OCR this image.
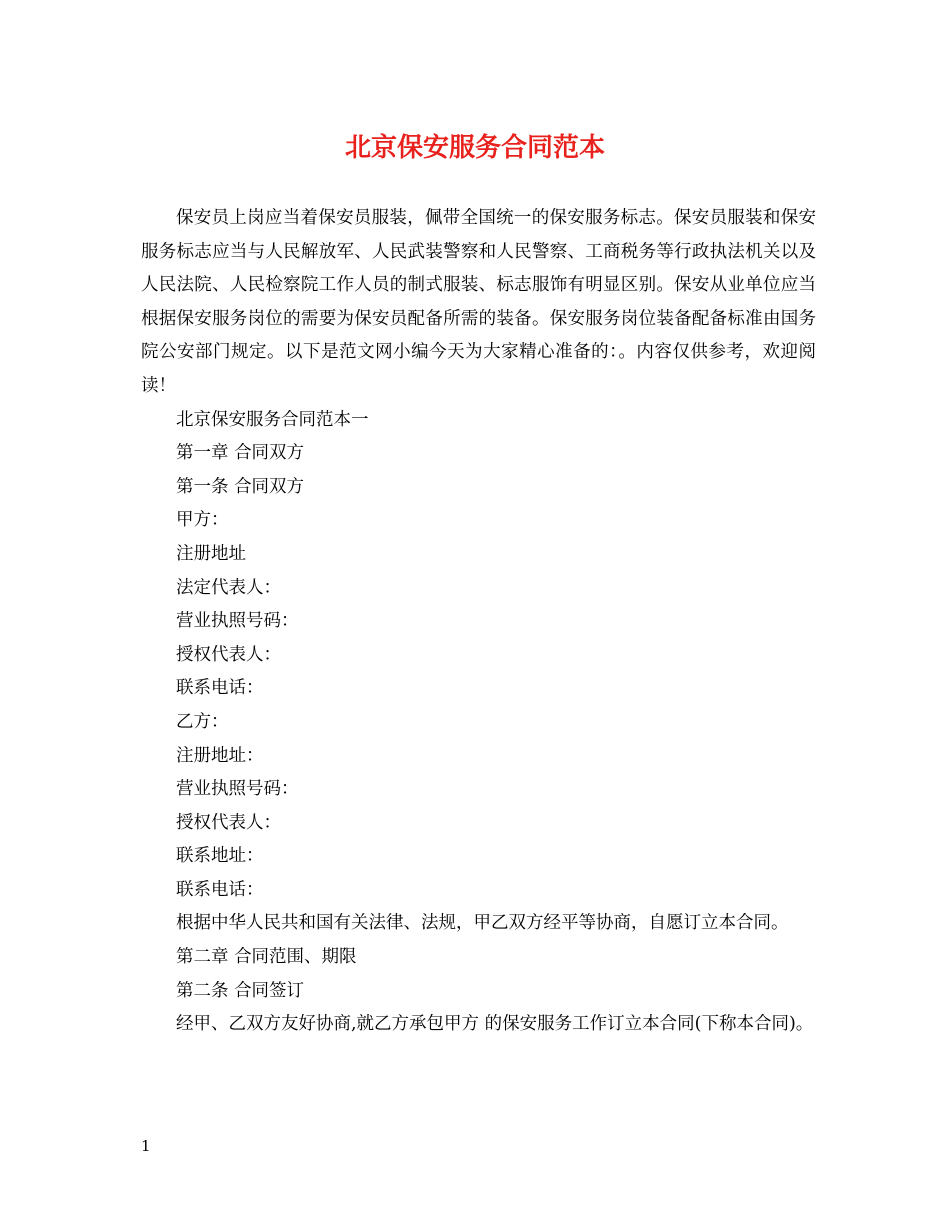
北京保安服务合同范本

保安员上岗应当着保安员服装，佩带全国统一的保安服务标志。保安员服装和保安服务标志应当与人民解放军、人民武装警察和人民警察、工商税务等行政执法机关以及人民法院、人民检察院工作人员的制式服装、标志服饰有明显区别。保安从业单位应当根据保安服务岗位的需要为保安员配备所需的装备。保安服务岗位装备配备标准由国务院公安部门规定。以下是范文网小编今天为大家精心准备的：。内容仅供参考，欢迎阅读！

北京保安服务合同范本一

第一章 合同双方

第一条 合同双方

甲方：

注册地址

法定代表人：

营业执照号码：

授权代表人：

联系电话：

乙方：

注册地址：

营业执照号码：

授权代表人：

联系地址：

联系电话：

根据中华人民共和国有关法律、法规，甲乙双方经平等协商，自愿订立本合同。

第二章 合同范围、期限

第二条 合同签订

经甲、乙双方友好协商,就乙方承包甲方 的保安服务工作订立本合同(下称本合同)。

1
